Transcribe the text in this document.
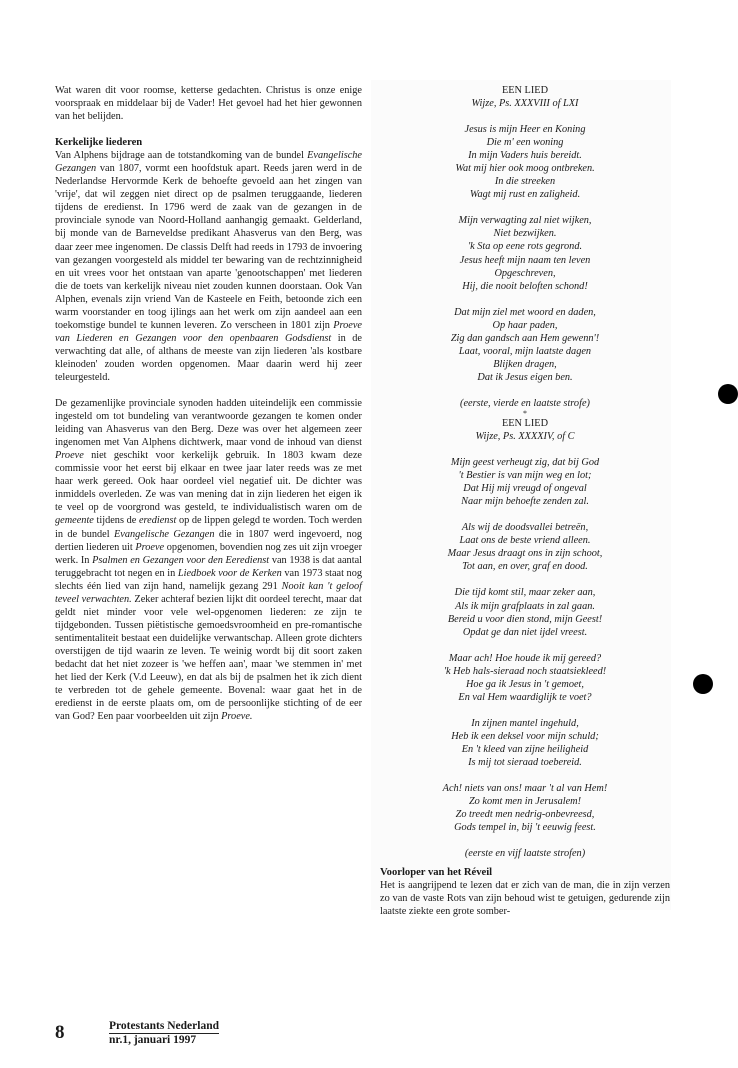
Wat waren dit voor roomse, ketterse gedachten. Christus is onze enige voorspraak en middelaar bij de Vader! Het gevoel had het hier gewonnen van het belijden.

Kerkelijke liederen

Van Alphens bijdrage aan de totstandkoming van de bundel Evangelische Gezangen van 1807, vormt een hoofdstuk apart. Reeds jaren werd in de Nederlandse Hervormde Kerk de behoefte gevoeld aan het zingen van 'vrije', dat wil zeggen niet direct op de psalmen teruggaande, liederen tijdens de eredienst. In 1796 werd de zaak van de gezangen in de provinciale synode van Noord-Holland aanhangig gemaakt. Gelderland, bij monde van de Barneveldse predikant Ahasverus van den Berg, was daar zeer mee ingenomen. De classis Delft had reeds in 1793 de invoering van gezangen voorgesteld als middel ter bewaring van de rechtzinnigheid en uit vrees voor het ontstaan van aparte 'genootschappen' met liederen die de toets van kerkelijk niveau niet zouden kunnen doorstaan. Ook Van Alphen, evenals zijn vriend Van de Kasteele en Feith, betoonde zich een warm voorstander en toog ijlings aan het werk om zijn aandeel aan een toekomstige bundel te kunnen leveren. Zo verscheen in 1801 zijn Proeve van Liederen en Gezangen voor den openbaaren Godsdienst in de verwachting dat alle, of althans de meeste van zijn liederen 'als kostbare kleinoden' zouden worden opgenomen. Maar daarin werd hij zeer teleurgesteld.

De gezamenlijke provinciale synoden hadden uiteindelijk een commissie ingesteld om tot bundeling van verantwoorde gezangen te komen onder leiding van Ahasverus van den Berg. Deze was over het algemeen zeer ingenomen met Van Alphens dichtwerk, maar vond de inhoud van dienst Proeve niet geschikt voor kerkelijk gebruik. In 1803 kwam deze commissie voor het eerst bij elkaar en twee jaar later reeds was ze met haar werk gereed. Ook haar oordeel viel negatief uit. De dichter was inmiddels overleden. Ze was van mening dat in zijn liederen het eigen ik te veel op de voorgrond was gesteld, te individualistisch waren om de gemeente tijdens de eredienst op de lippen gelegd te worden. Toch werden in de bundel Evangelische Gezangen die in 1807 werd ingevoerd, nog dertien liederen uit Proeve opgenomen, bovendien nog zes uit zijn vroeger werk. In Psalmen en Gezangen voor den Eeredienst van 1938 is dat aantal teruggebracht tot negen en in Liedboek voor de Kerken van 1973 staat nog slechts één lied van zijn hand, namelijk gezang 291 Nooit kan 't geloof teveel verwachten. Zeker achteraf bezien lijkt dit oordeel terecht, maar dat geldt niet minder voor vele wel-opgenomen liederen: ze zijn te tijdgebonden. Tussen piëtistische gemoedsvroomheid en pre-romantische sentimentaliteit bestaat een duidelijke verwantschap. Alleen grote dichters overstijgen de tijd waarin ze leven. Te weinig wordt bij dit soort zaken bedacht dat het niet zozeer is 'we heffen aan', maar 'we stemmen in' met het lied der Kerk (V.d Leeuw), en dat als bij de psalmen het ik zich dient te verbreden tot de gehele gemeente. Bovenal: waar gaat het in de eredienst in de eerste plaats om, om de persoonlijke stichting of de eer van God? Een paar voorbeelden uit zijn Proeve.

EEN LIED
Wijze, Ps. XXXVIII of LXI
Jesus is mijn Heer en Koning
Die m' een woning
In mijn Vaders huis bereidt.
Wat mij hier ook moog ontbreken.
In die streeken
Wagt mij rust en zaligheid.
Mijn verwagting zal niet wijken,
Niet bezwijken.
'k Sta op eene rots gegrond.
Jesus heeft mijn naam ten leven
Opgeschreven,
Hij, die nooit beloften schond!
Dat mijn ziel met woord en daden,
Op haar paden,
Zig dan gandsch aan Hem gewenn'!
Laat, vooral, mijn laatste dagen
Blijken dragen,
Dat ik Jesus eigen ben.
(eerste, vierde en laatste strofe)
*
EEN LIED
Wijze, Ps. XXXXIV, of C
Mijn geest verheugt zig, dat bij God
't Bestier is van mijn weg en lot;
Dat Hij mij vreugd of ongeval
Naar mijn behoefte zenden zal.
Als wij de doodsvallei betreën,
Laat ons de beste vriend alleen.
Maar Jesus draagt ons in zijn schoot,
Tot aan, en over, graf en dood.
Die tijd komt stil, maar zeker aan,
Als ik mijn grafplaats in zal gaan.
Bereid u voor dien stond, mijn Geest!
Opdat ge dan niet ijdel vreest.
Maar ach! Hoe houde ik mij gereed?
'k Heb hals-sieraad noch staatsiekleed!
Hoe ga ik Jesus in 't gemoet,
En val Hem waardiglijk te voet?
In zijnen mantel ingehuld,
Heb ik een deksel voor mijn schuld;
En 't kleed van zijne heiligheid
Is mij tot sieraad toebereid.
Ach! niets van ons! maar 't al van Hem!
Zo komt men in Jerusalem!
Zo treedt men nedrig-onbevreesd,
Gods tempel in, bij 't eeuwig feest.
(eerste en vijf laatste strofen)

Voorloper van het Réveil

Het is aangrijpend te lezen dat er zich van de man, die in zijn verzen zo van de vaste Rots van zijn behoud wist te getuigen, gedurende zijn laatste ziekte een grote somber-

8	Protestants Nederland
nr.1, januari 1997
